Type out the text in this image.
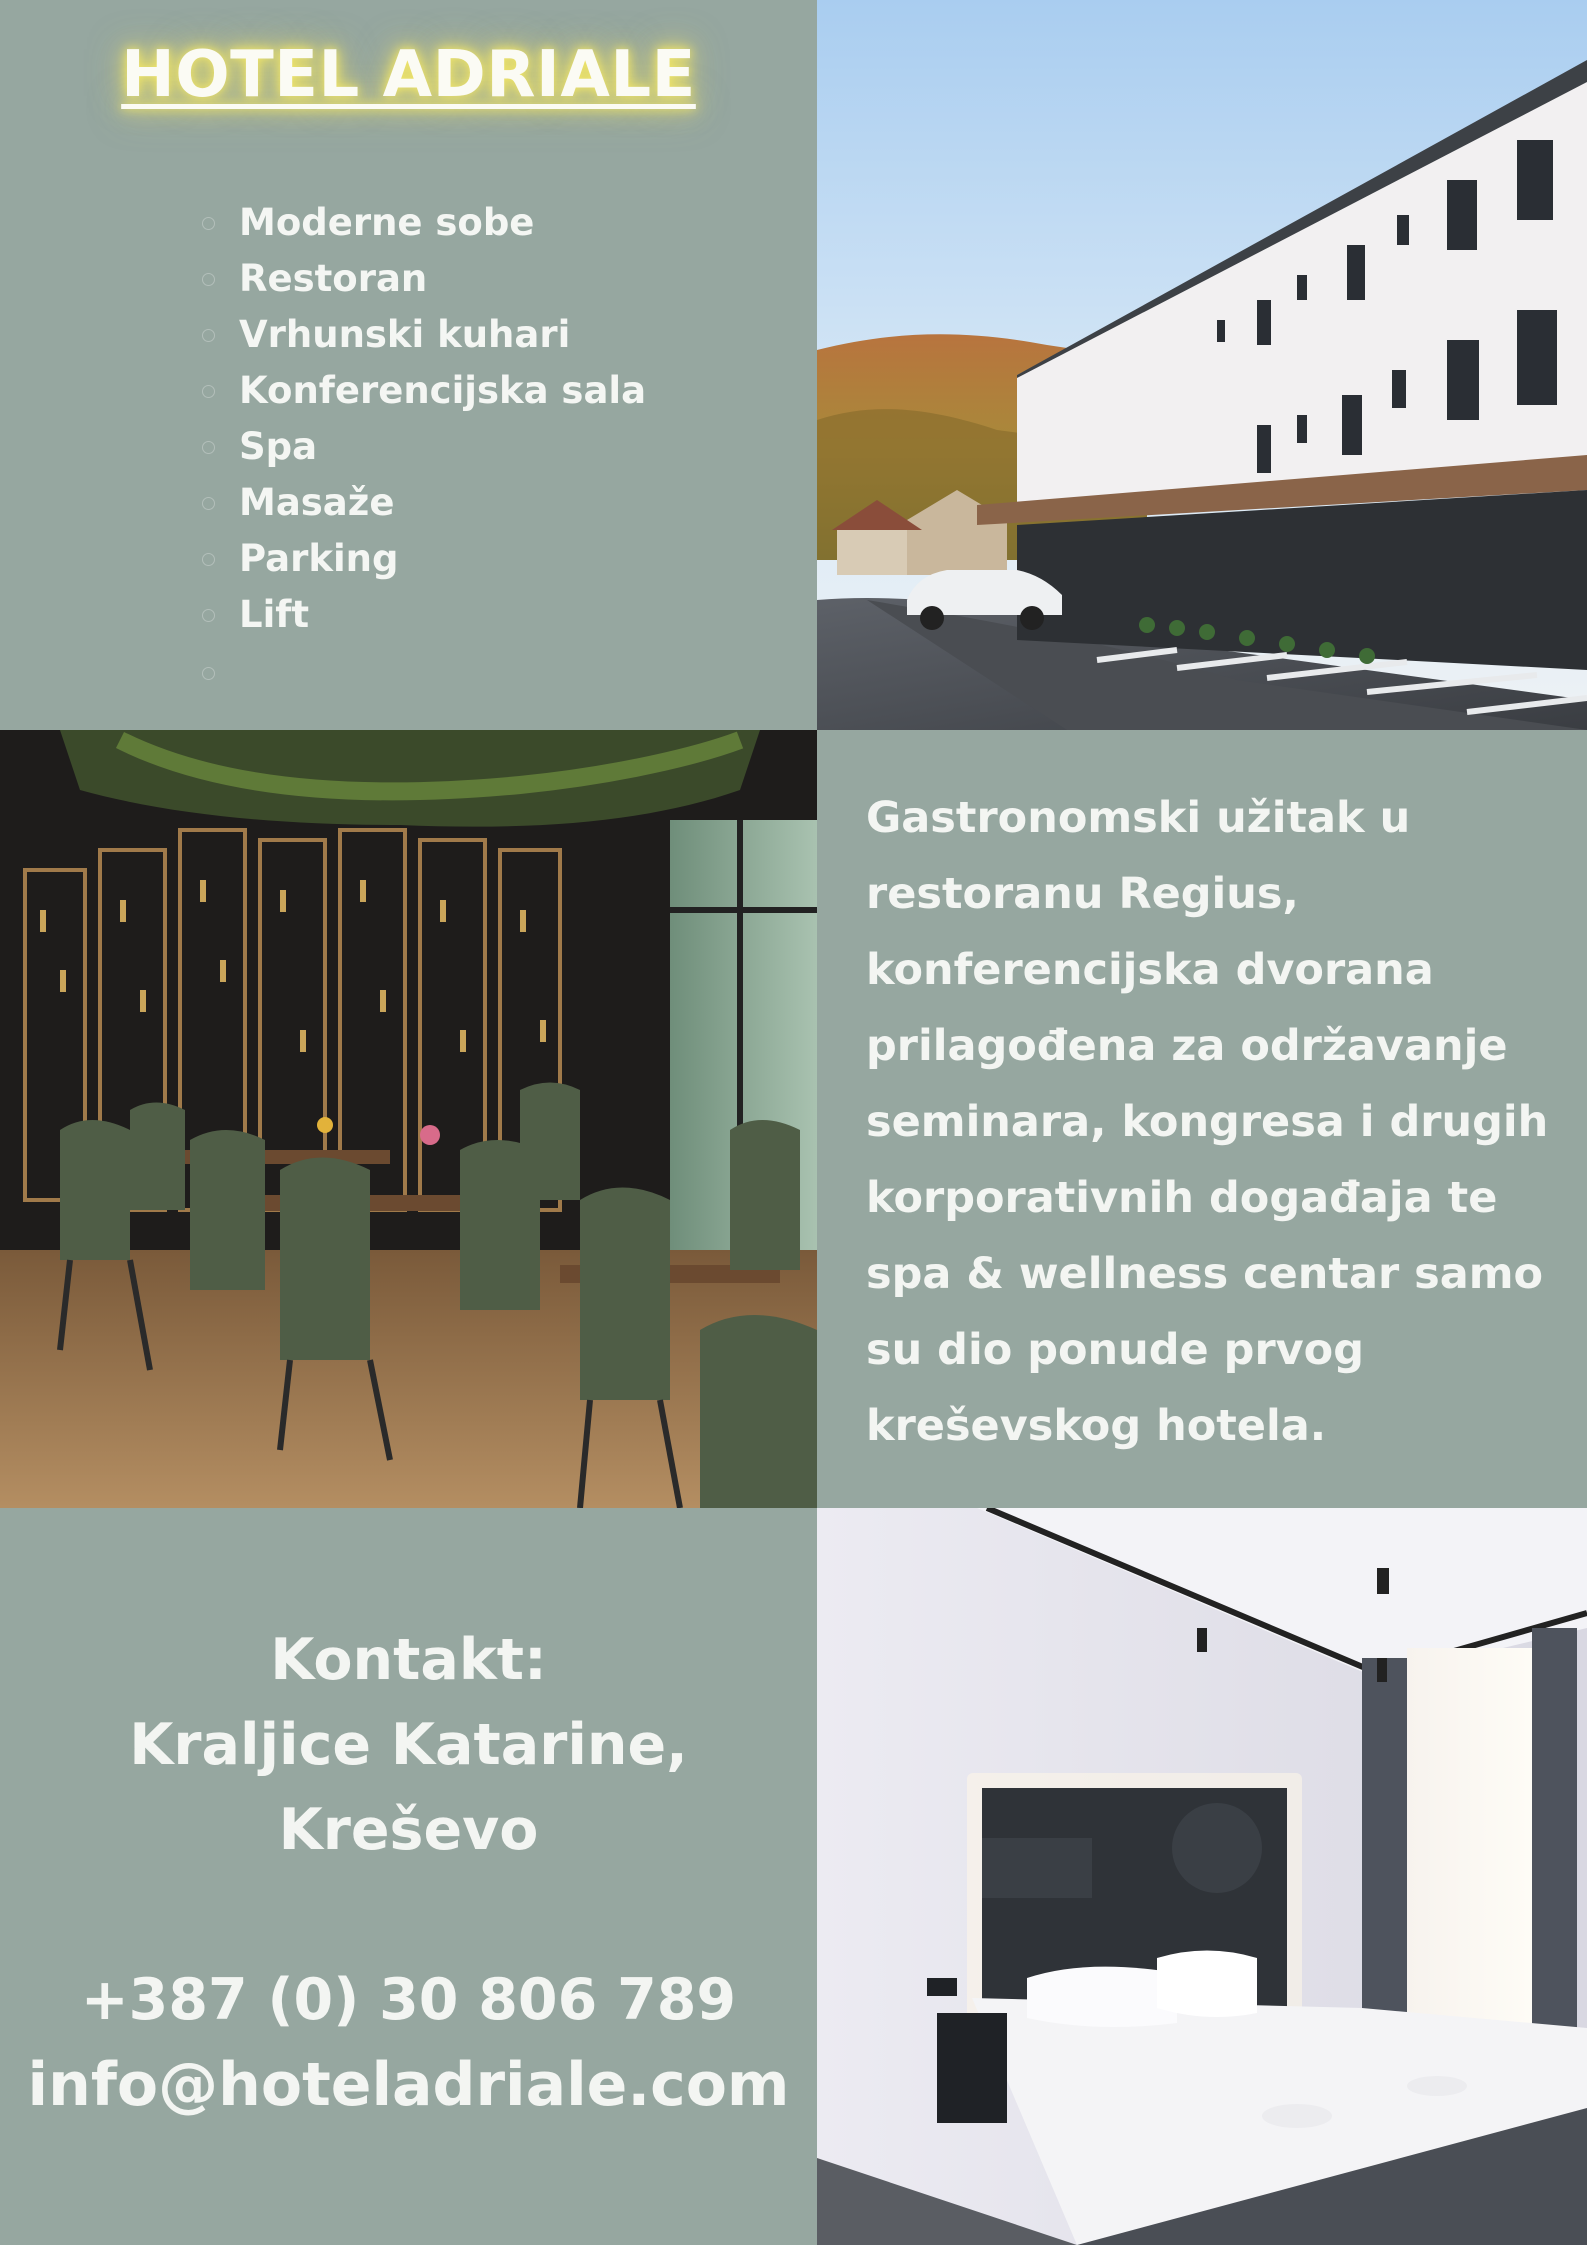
HOTEL ADRIALE
Moderne sobe
Restoran
Vrhunski kuhari
Konferencijska sala
Spa
Masaže
Parking
Lift
Gastronomski užitak u restoranu Regius, konferencijska dvorana prilagođena za održavanje seminara, kongresa i drugih korporativnih događaja te spa & wellness centar samo su dio ponude prvog kreševskog hotela.
Kontakt:
Kraljice Katarine,
Kreševo
+387 (0) 30 806 789
info@hoteladriale.com
